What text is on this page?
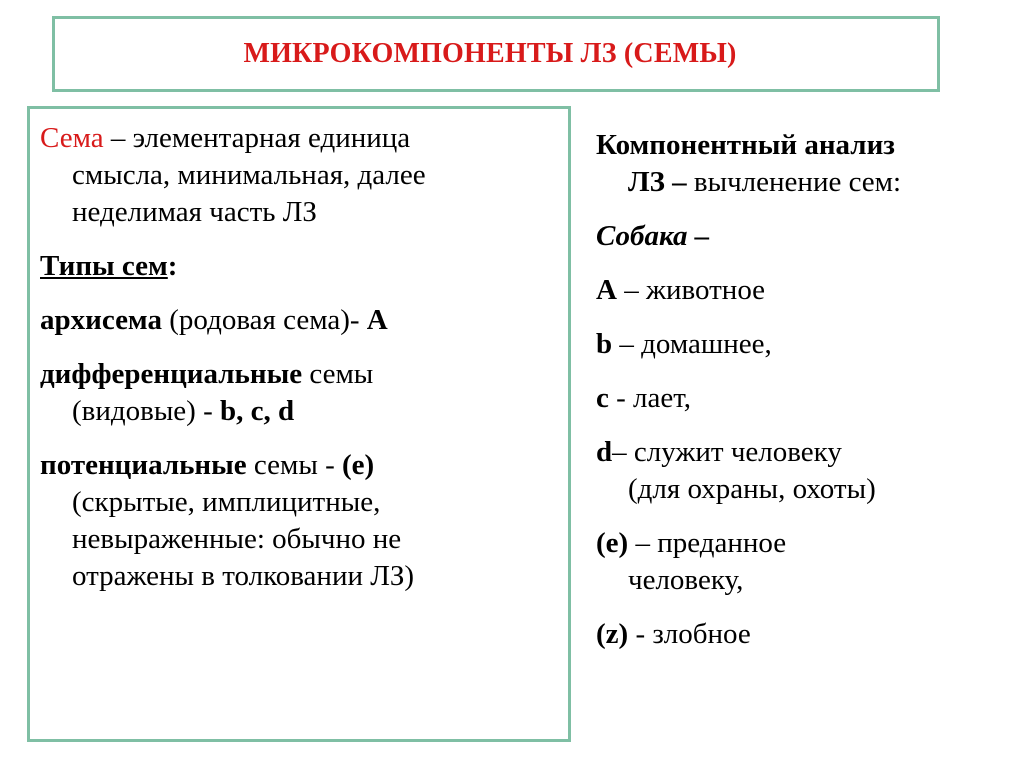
МИКРОКОМПОНЕНТЫ ЛЗ (СЕМЫ)
Сема – элементарная единица
смысла, минимальная, далее
неделимая часть ЛЗ
Типы сем:
архисема (родовая сема)- А
дифференциальные семы
(видовые) - b, c, d
потенциальные семы - (е)
(скрытые, имплицитные,
невыраженные: обычно не
отражены в толковании ЛЗ)
Компонентный анализ
ЛЗ – вычленение сем:
Собака –
А – животное
b – домашнее,
c - лает,
d– служит человеку
(для охраны, охоты)
(е) – преданное
человеку,
(z) - злобное
